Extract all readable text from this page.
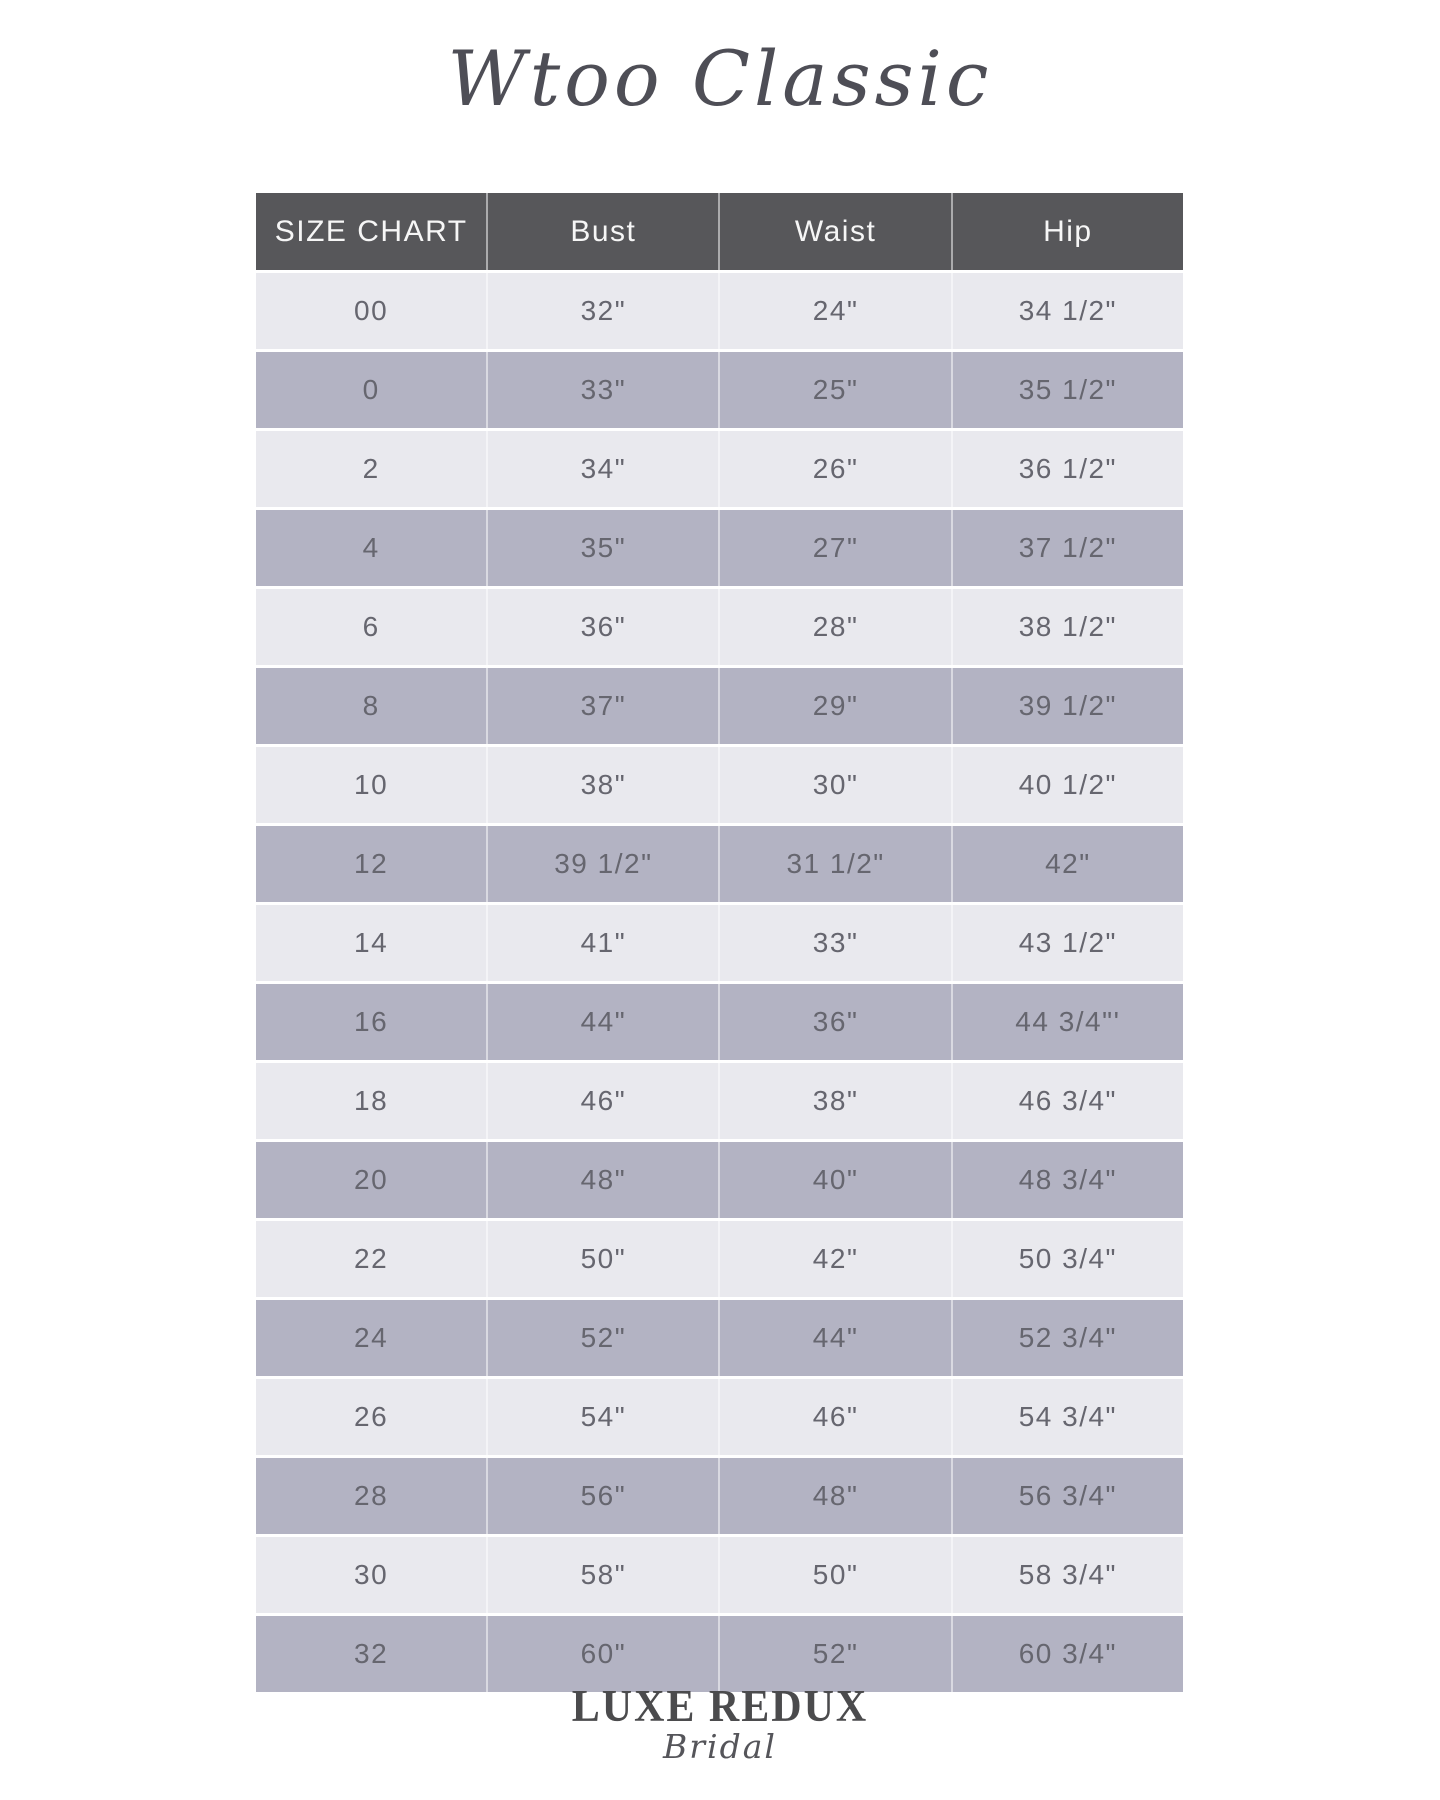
Wtoo Classic
SIZE CHART	Bust	Waist	Hip
00	32"	24"	34 1/2"
0	33"	25"	35 1/2"
2	34"	26"	36 1/2"
4	35"	27"	37 1/2"
6	36"	28"	38 1/2"
8	37"	29"	39 1/2"
10	38"	30"	40 1/2"
12	39 1/2"	31 1/2"	42"
14	41"	33"	43 1/2"
16	44"	36"	44 3/4"'
18	46"	38"	46 3/4"
20	48"	40"	48 3/4"
22	50"	42"	50 3/4"
24	52"	44"	52 3/4"
26	54"	46"	54 3/4"
28	56"	48"	56 3/4"
30	58"	50"	58 3/4"
32	60"	52"	60 3/4"
LUXE REDUX
Bridal
